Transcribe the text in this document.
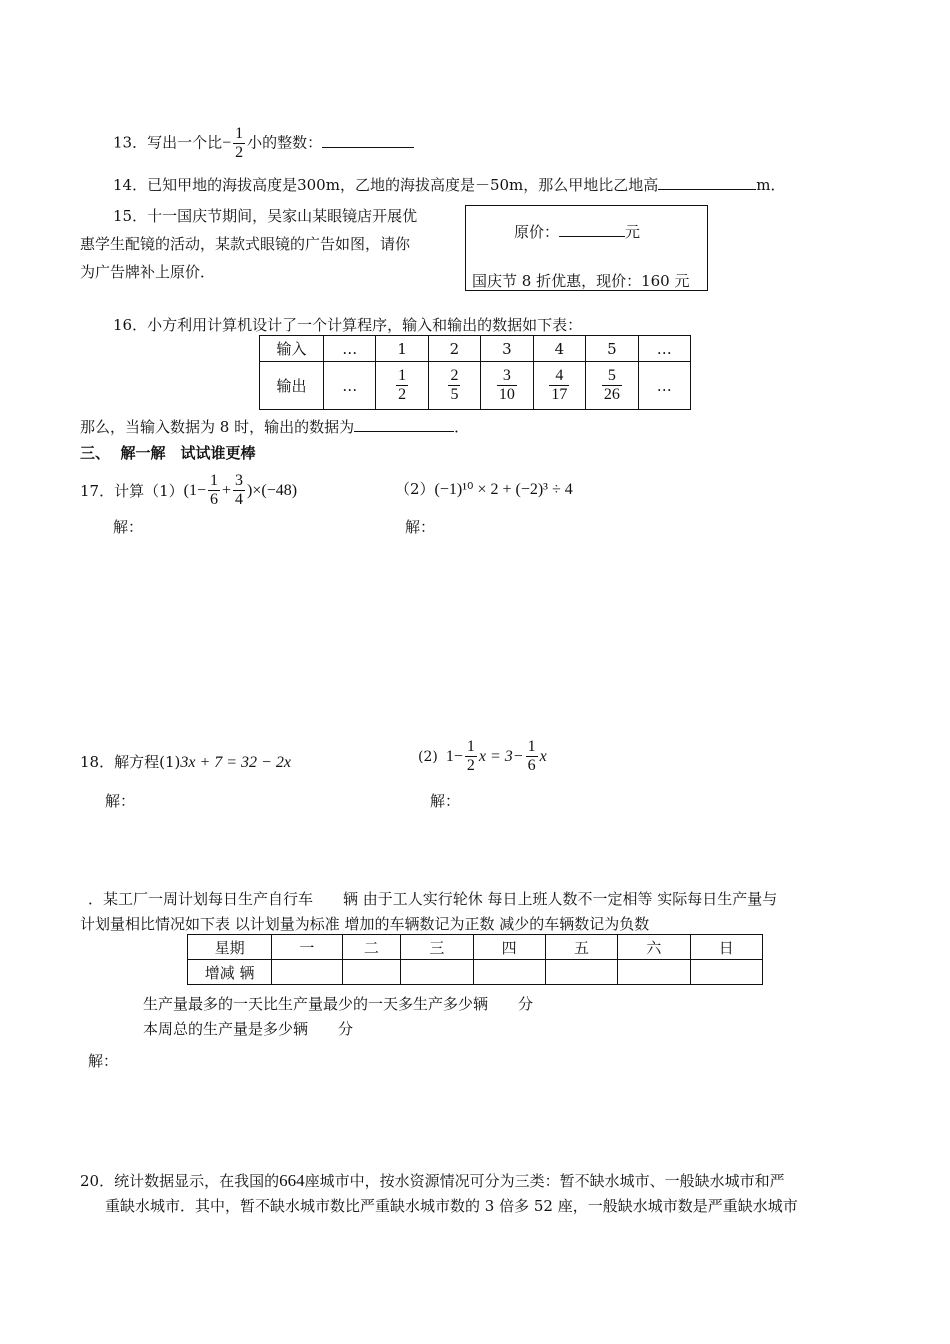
13．写出一个比− $\frac{1}{2}$ 小的整数：
14．已知甲地的海拔高度是300m，乙地的海拔高度是－50m，那么甲地比乙地高	m．
15．十一国庆节期间，吴家山某眼镜店开展优
惠学生配镜的活动，某款式眼镜的广告如图，请你
为广告牌补上原价．
原价：	元
国庆节 8 折优惠，现价：160 元
16．小方利用计算机设计了一个计算程序，输入和输出的数据如下表：
输入	…	1	2	3	4	5	…
输出	…	$\frac{1}{2}$	$\frac{2}{5}$	$\frac{3}{10}$	$\frac{4}{17}$	$\frac{5}{26}$	…
那么，当输入数据为 8 时，输出的数据为	．
三、 解一解　试试谁更棒
17．计算（1） $(1- \frac{1}{6} + \frac{3}{4} )\times(-48)$	（2）(−1)¹⁰ × 2 + (−2)³ ÷ 4
解：	解：
18．解方程(1)3x + 7 = 32 − 2x	(2) $1- \frac{1}{2}$ $x = 3- \frac{1}{6}$ x
解：	解：
．某工厂一周计划每日生产自行车　　辆 由于工人实行轮休 每日上班人数不一定相等 实际每日生产量与
计划量相比情况如下表 以计划量为标准 增加的车辆数记为正数 减少的车辆数记为负数
星期	一	二	三	四	五	六	日
增减 辆							
生产量最多的一天比生产量最少的一天多生产多少辆　　分
本周总的生产量是多少辆　　分
解：
20．统计数据显示，在我国的664座城市中，按水资源情况可分为三类：暂不缺水城市、一般缺水城市和严
重缺水城市．其中，暂不缺水城市数比严重缺水城市数的 3 倍多 52 座，一般缺水城市数是严重缺水城市
